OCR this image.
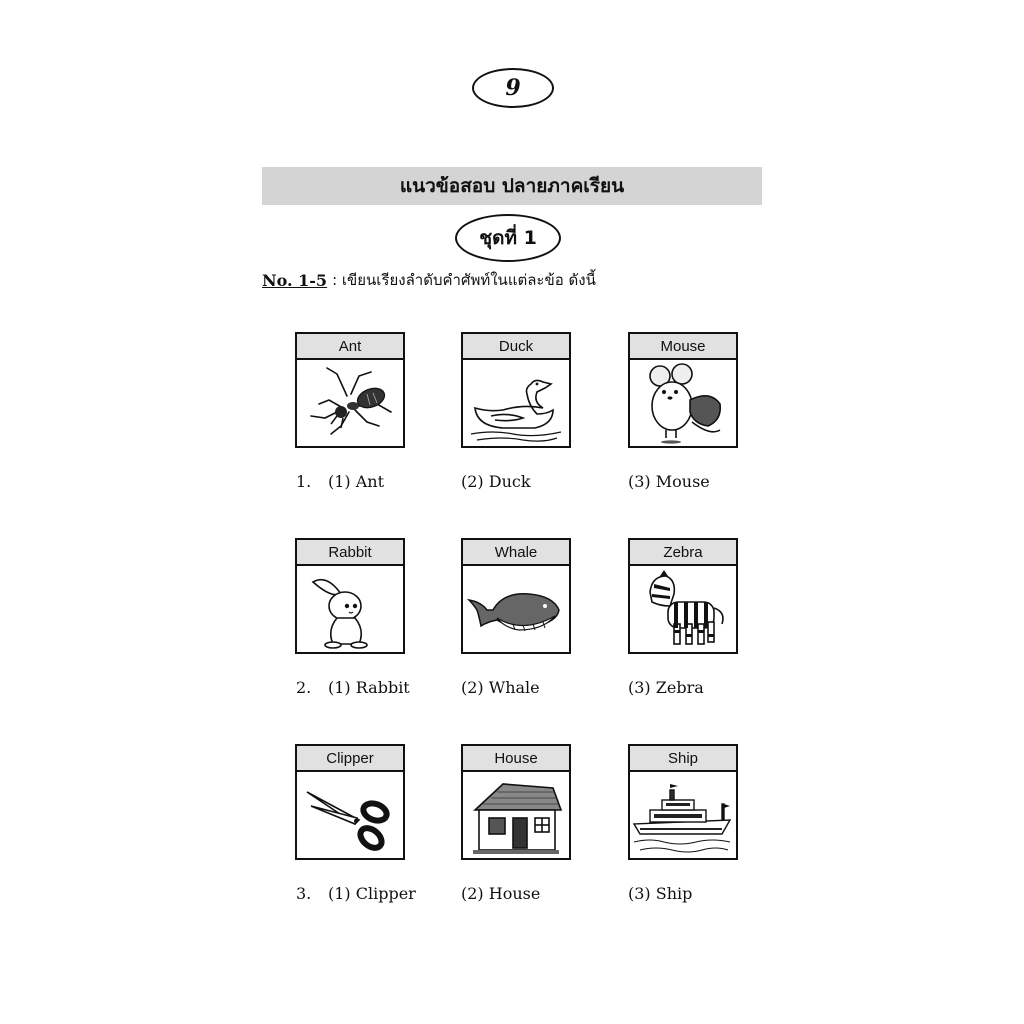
9
แนวข้อสอบ ปลายภาคเรียน
ชุดที่ 1
No. 1-5 : เขียนเรียงลำดับคำศัพท์ในแต่ละข้อ ดังนี้
Ant	Duck	Mouse
1. (1) Ant	(2) Duck	(3) Mouse
Rabbit	Whale	Zebra
2. (1) Rabbit	(2) Whale	(3) Zebra
Clipper	House	Ship
3. (1) Clipper	(2) House	(3) Ship
